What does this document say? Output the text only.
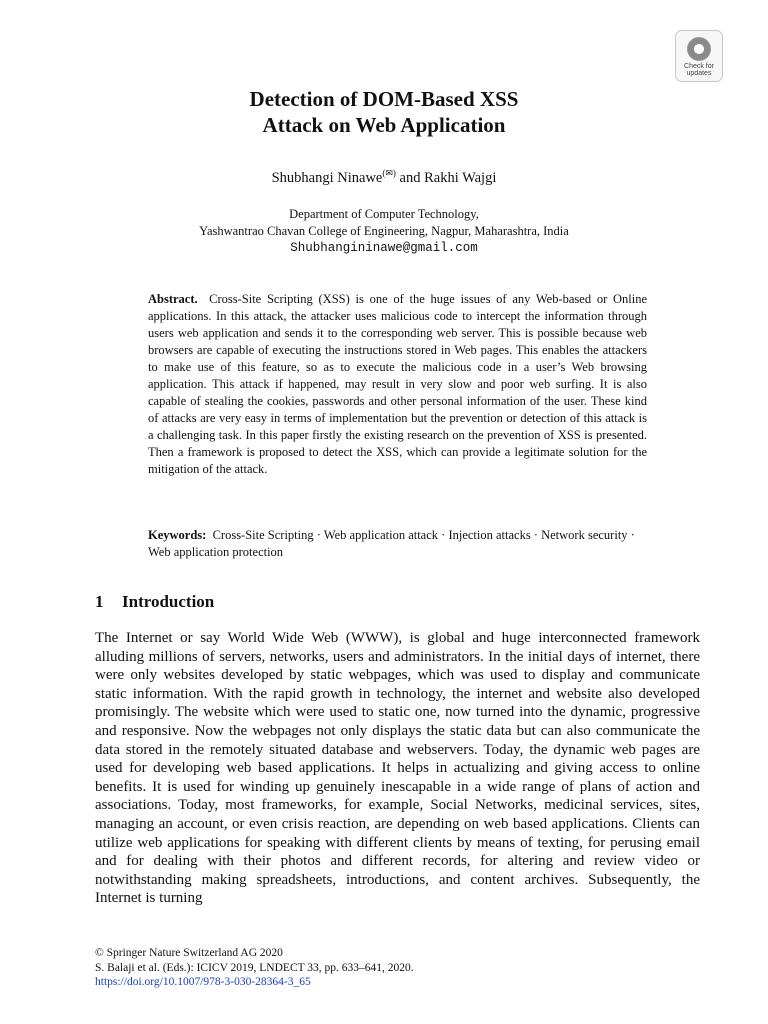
Check for
updates
Detection of DOM-Based XSS
Attack on Web Application
Shubhangi Ninawe(✉) and Rakhi Wajgi
Department of Computer Technology,
Yashwantrao Chavan College of Engineering, Nagpur, Maharashtra, India
Shubhangininawe@gmail.com
Abstract. Cross-Site Scripting (XSS) is one of the huge issues of any Web-based or Online applications. In this attack, the attacker uses malicious code to intercept the information through users web application and sends it to the corresponding web server. This is possible because web browsers are capable of executing the instructions stored in Web pages. This enables the attackers to make use of this feature, so as to execute the malicious code in a user’s Web browsing application. This attack if happened, may result in very slow and poor web surfing. It is also capable of stealing the cookies, passwords and other personal information of the user. These kind of attacks are very easy in terms of implementation but the prevention or detection of this attack is a challenging task. In this paper firstly the existing research on the prevention of XSS is presented. Then a framework is proposed to detect the XSS, which can provide a legitimate solution for the mitigation of the attack.
Keywords: Cross-Site Scripting · Web application attack · Injection attacks · Network security · Web application protection
1 Introduction
The Internet or say World Wide Web (WWW), is global and huge interconnected framework alluding millions of servers, networks, users and administrators. In the initial days of internet, there were only websites developed by static webpages, which was used to display and communicate static information. With the rapid growth in technology, the internet and website also developed promisingly. The website which were used to static one, now turned into the dynamic, progressive and responsive. Now the webpages not only displays the static data but can also communicate the data stored in the remotely situated database and webservers. Today, the dynamic web pages are used for developing web based applications. It helps in actualizing and giving access to online benefits. It is used for winding up genuinely inescapable in a wide range of plans of action and associations. Today, most frameworks, for example, Social Networks, medicinal services, sites, managing an account, or even crisis reaction, are depending on web based applications. Clients can utilize web applications for speaking with different clients by means of texting, for perusing email and for dealing with their photos and different records, for altering and review video or notwithstanding making spreadsheets, introductions, and content archives. Subsequently, the Internet is turning
© Springer Nature Switzerland AG 2020
S. Balaji et al. (Eds.): ICICV 2019, LNDECT 33, pp. 633–641, 2020.
https://doi.org/10.1007/978-3-030-28364-3_65
